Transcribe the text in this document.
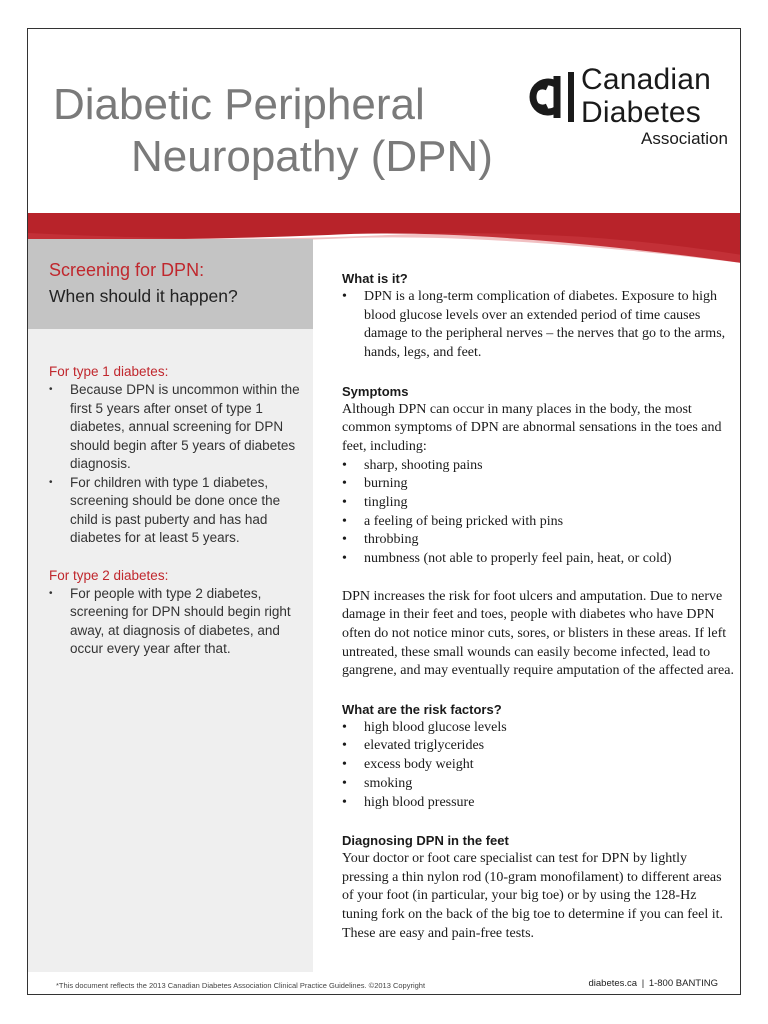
Diabetic Peripheral
Neuropathy (DPN)
Canadian
Diabetes
Association
Screening for DPN:
When should it happen?

For type 1 diabetes:

• Because DPN is uncommon within the first 5 years after onset of type 1 diabetes, annual screening for DPN should begin after 5 years of diabetes diagnosis.
• For children with type 1 diabetes, screening should be done once the child is past puberty and has had diabetes for at least 5 years.

For type 2 diabetes:

• For people with type 2 diabetes, screening for DPN should begin right away, at diagnosis of diabetes, and occur every year after that.
What is it?
• DPN is a long-term complication of diabetes. Exposure to high blood glucose levels over an extended period of time causes damage to the peripheral nerves – the nerves that go to the arms, hands, legs, and feet.
Symptoms

Although DPN can occur in many places in the body, the most common symptoms of DPN are abnormal sensations in the toes and feet, including:

• sharp, shooting pains
• burning
• tingling
• a feeling of being pricked with pins
• throbbing
• numbness (not able to properly feel pain, heat, or cold)

DPN increases the risk for foot ulcers and amputation. Due to nerve damage in their feet and toes, people with diabetes who have DPN often do not notice minor cuts, sores, or blisters in these areas. If left untreated, these small wounds can easily become infected, lead to gangrene, and may eventually require amputation of the affected area.

What are the risk factors?
• high blood glucose levels
• elevated triglycerides
• excess body weight
• smoking
• high blood pressure
Diagnosing DPN in the feet

Your doctor or foot care specialist can test for DPN by lightly pressing a thin nylon rod (10-gram monofilament) to different areas of your foot (in particular, your big toe) or by using the 128-Hz tuning fork on the back of the big toe to determine if you can feel it. These are easy and pain-free tests.

*This document reflects the 2013 Canadian Diabetes Association Clinical Practice Guidelines. ©2013 Copyright	diabetes.ca | 1-800 BANTING
